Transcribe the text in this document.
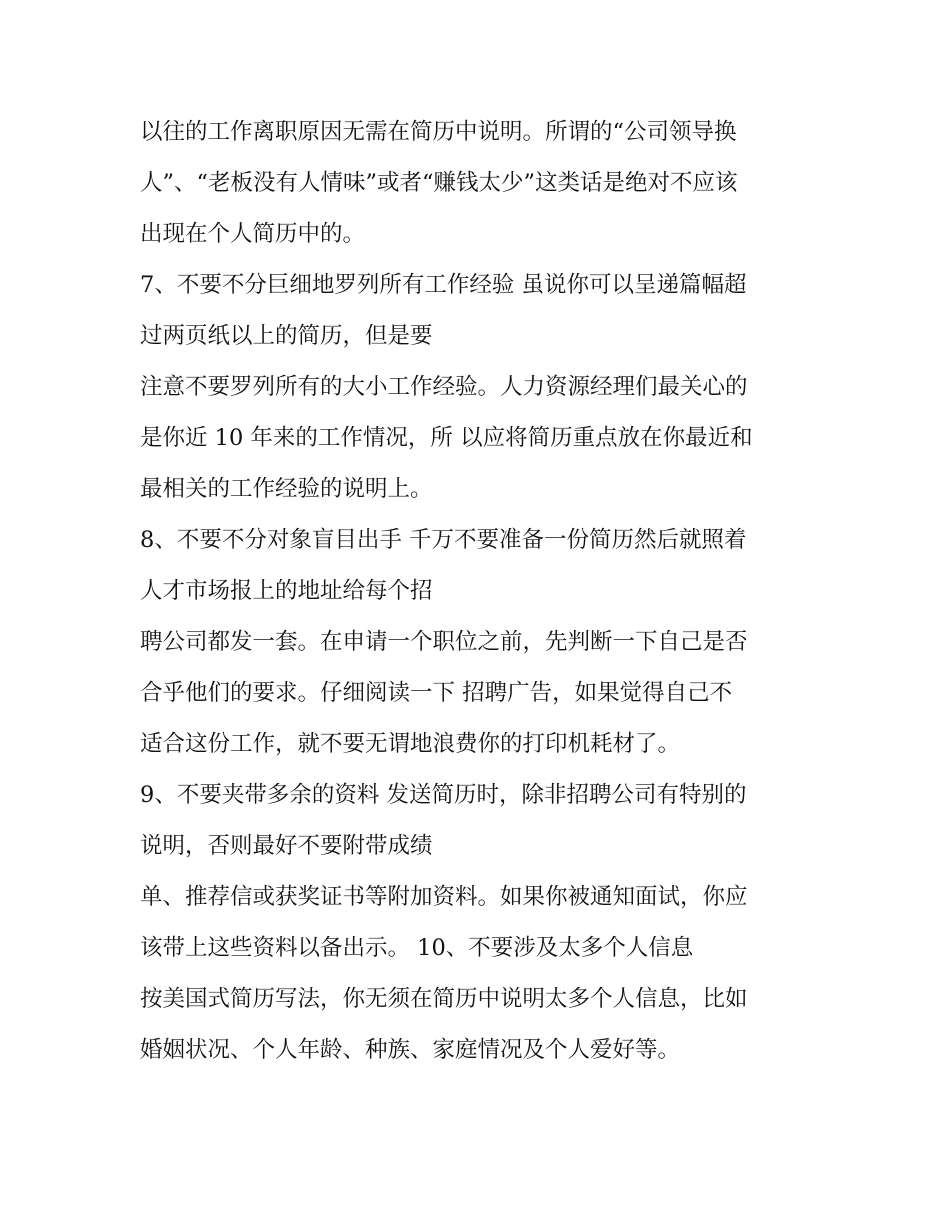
以往的工作离职原因无需在简历中说明。所谓的“公司领导换
人”、“老板没有人情味”或者“赚钱太少”这类话是绝对不应该
出现在个人简历中的。
7、不要不分巨细地罗列所有工作经验 虽说你可以呈递篇幅超
过两页纸以上的简历，但是要
注意不要罗列所有的大小工作经验。人力资源经理们最关心的
是你近 10 年来的工作情况，所 以应将简历重点放在你最近和
最相关的工作经验的说明上。
8、不要不分对象盲目出手 千万不要准备一份简历然后就照着
人才市场报上的地址给每个招
聘公司都发一套。在申请一个职位之前，先判断一下自己是否
合乎他们的要求。仔细阅读一下 招聘广告，如果觉得自己不
适合这份工作，就不要无谓地浪费你的打印机耗材了。
9、不要夹带多余的资料 发送简历时，除非招聘公司有特别的
说明，否则最好不要附带成绩
单、推荐信或获奖证书等附加资料。如果你被通知面试，你应
该带上这些资料以备出示。 10、不要涉及太多个人信息
按美国式简历写法，你无须在简历中说明太多个人信息，比如
婚姻状况、个人年龄、种族、家庭情况及个人爱好等。
